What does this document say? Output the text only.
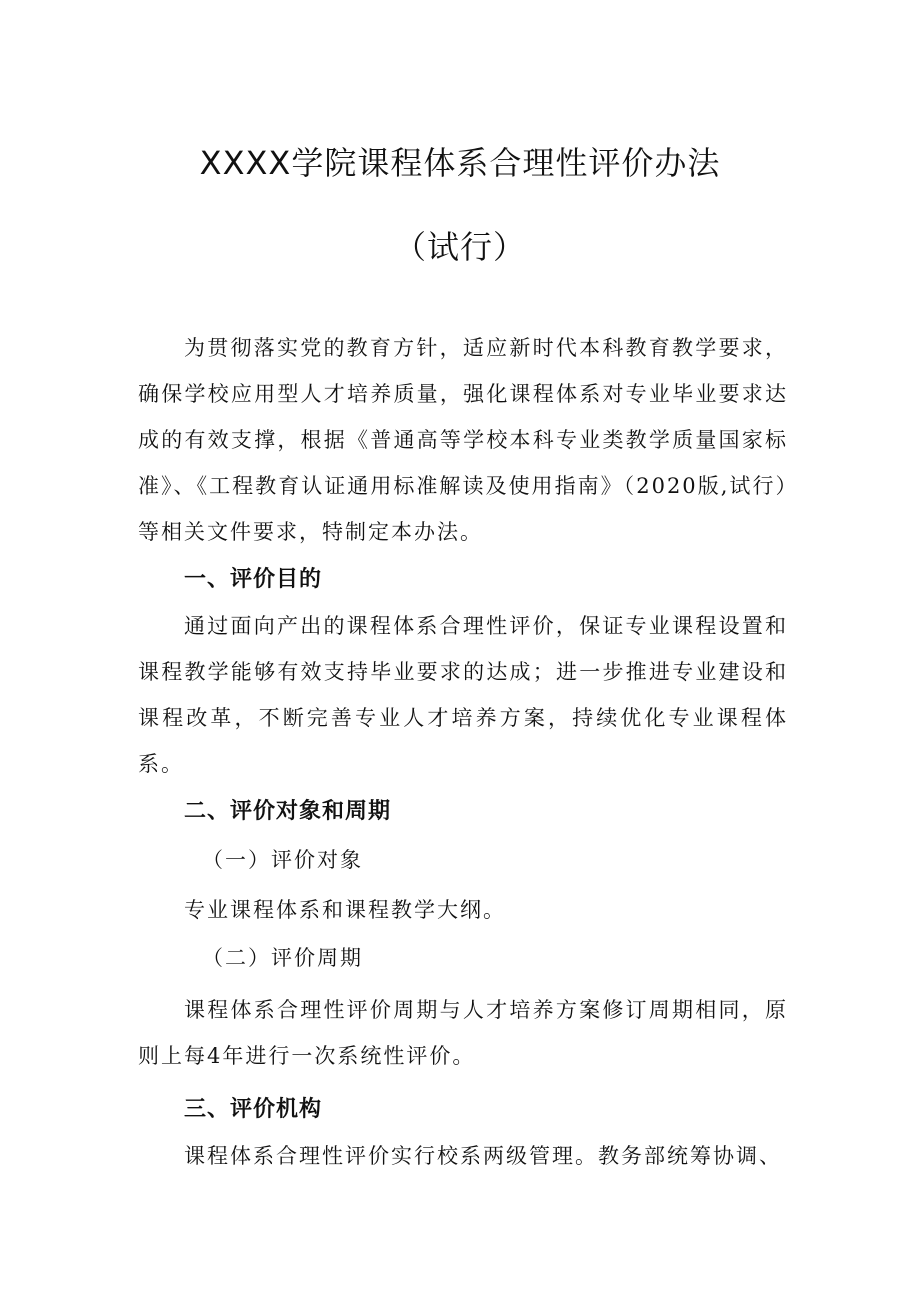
XXXX学院课程体系合理性评价办法
（试行）

为贯彻落实党的教育方针，适应新时代本科教育教学要求，确保学校应用型人才培养质量，强化课程体系对专业毕业要求达成的有效支撑，根据《普通高等学校本科专业类教学质量国家标准》、《工程教育认证通用标准解读及使用指南》（2020版,试行）等相关文件要求，特制定本办法。

一、评价目的

通过面向产出的课程体系合理性评价，保证专业课程设置和课程教学能够有效支持毕业要求的达成；进一步推进专业建设和课程改革，不断完善专业人才培养方案，持续优化专业课程体系。

二、评价对象和周期
（一）评价对象

专业课程体系和课程教学大纲。

（二）评价周期

课程体系合理性评价周期与人才培养方案修订周期相同，原则上每4年进行一次系统性评价。

三、评价机构

课程体系合理性评价实行校系两级管理。教务部统筹协调、
